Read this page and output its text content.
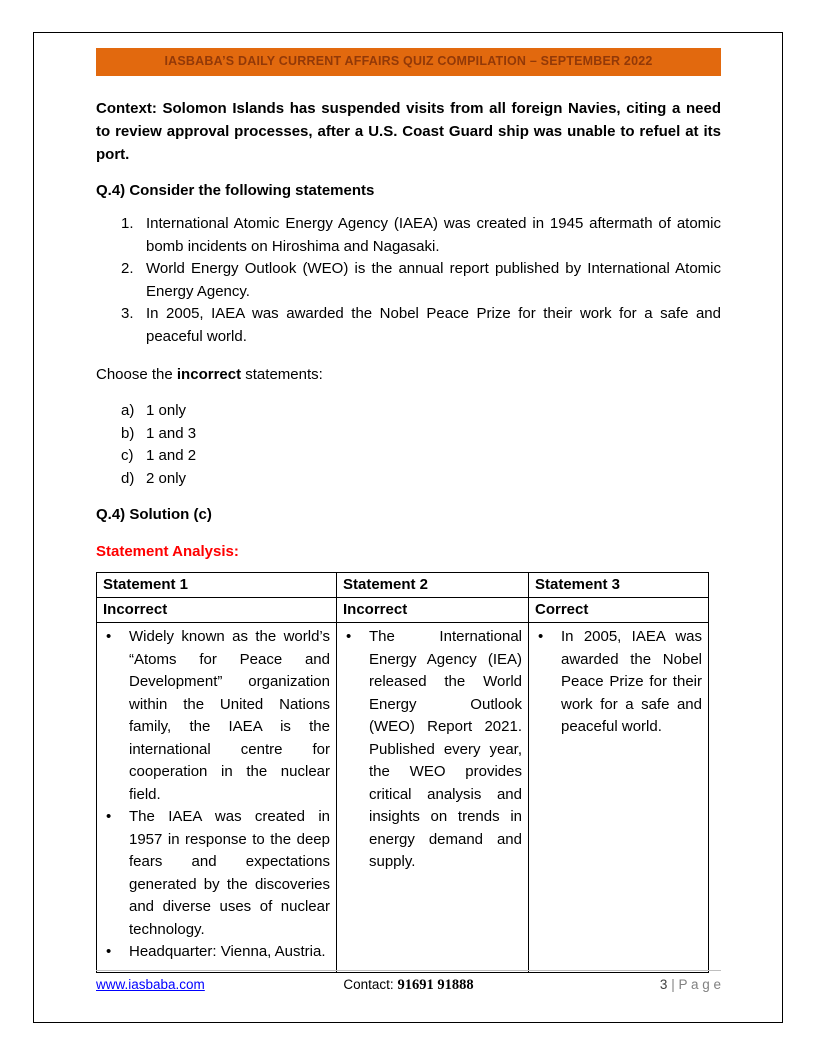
IASBABA’S DAILY CURRENT AFFAIRS QUIZ COMPILATION – SEPTEMBER 2022

Context: Solomon Islands has suspended visits from all foreign Navies, citing a need to review approval processes, after a U.S. Coast Guard ship was unable to refuel at its port.

Q.4) Consider the following statements

1. International Atomic Energy Agency (IAEA) was created in 1945 aftermath of atomic bomb incidents on Hiroshima and Nagasaki.
2. World Energy Outlook (WEO) is the annual report published by International Atomic Energy Agency.
3. In 2005, IAEA was awarded the Nobel Peace Prize for their work for a safe and peaceful world.

Choose the incorrect statements:

a) 1 only
b) 1 and 3
c) 1 and 2
d) 2 only

Q.4) Solution (c)

Statement Analysis:

Statement 1	Statement 2	Statement 3
Incorrect	Incorrect	Correct

•	Widely known as the world’s “Atoms for Peace and Development” organization within the United Nations family, the IAEA is the international centre for cooperation in the nuclear field.
•	The IAEA was created in 1957 in response to the deep fears and expectations generated by the discoveries and diverse uses of nuclear technology.
•	Headquarter: Vienna, Austria.

•	The International Energy Agency (IEA) released the World Energy Outlook (WEO) Report 2021. Published every year, the WEO provides critical analysis and insights on trends in energy demand and supply.

•	In 2005, IAEA was awarded the Nobel Peace Prize for their work for a safe and peaceful world.
www.iasbaba.com	Contact: 91691 91888	3 | P a g e
